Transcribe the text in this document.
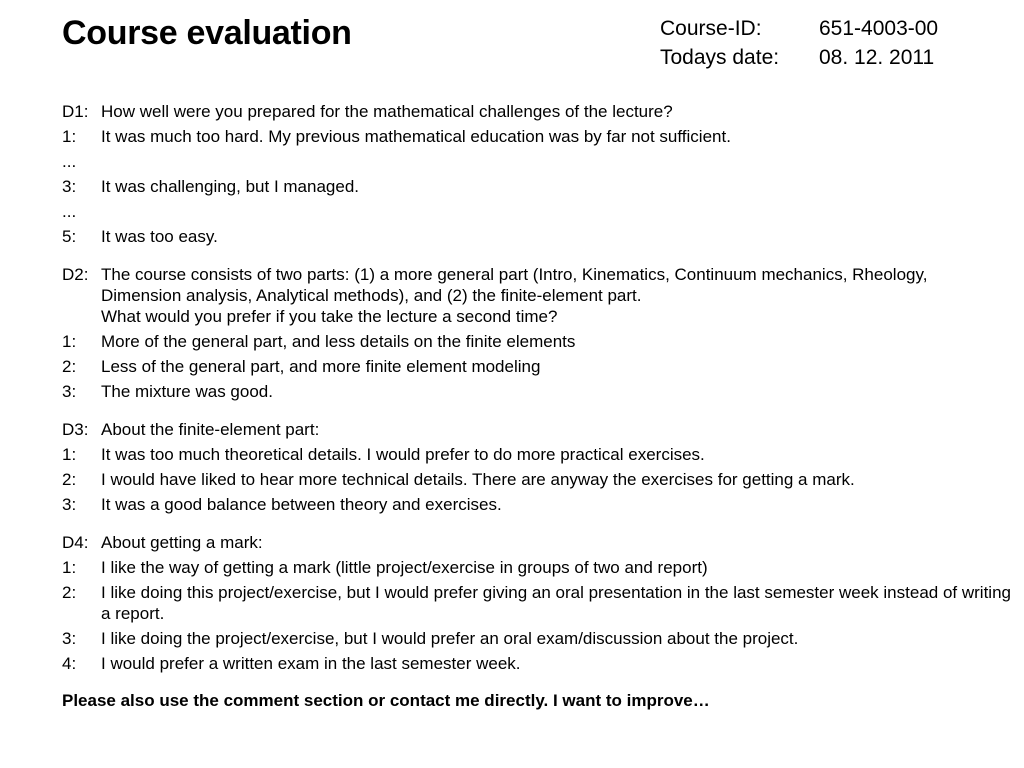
Course evaluation	Course-ID:	651-4003-00
Todays date:	08. 12. 2011
D1: How well were you prepared for the mathematical challenges of the lecture?
1:	It was much too hard. My previous mathematical education was by far not sufficient.
...
3:	It was challenging, but I managed.
...
5:	It was too easy.
D2: The course consists of two parts: (1) a more general part (Intro, Kinematics, Continuum mechanics, Rheology, Dimension analysis, Analytical methods), and (2) the finite-element part.
What would you prefer if you take the lecture a second time?
1:	More of the general part, and less details on the finite elements
2:	Less of the general part, and more finite element modeling
3:	The mixture was good.
D3: About the finite-element part:
1:	It was too much theoretical details. I would prefer to do more practical exercises.
2:	I would have liked to hear more technical details. There are anyway the exercises for getting a mark.
3:	It was a good balance between theory and exercises.
D4: About getting a mark:
1:	I like the way of getting a mark (little project/exercise in groups of two and report)
2:	I like doing this project/exercise, but I would prefer giving an oral presentation in the last semester week instead of writing a report.
3:	I like doing the project/exercise, but I would prefer an oral exam/discussion about the project.
4:	I would prefer a written exam in the last semester week.
Please also use the comment section or contact me directly. I want to improve…
